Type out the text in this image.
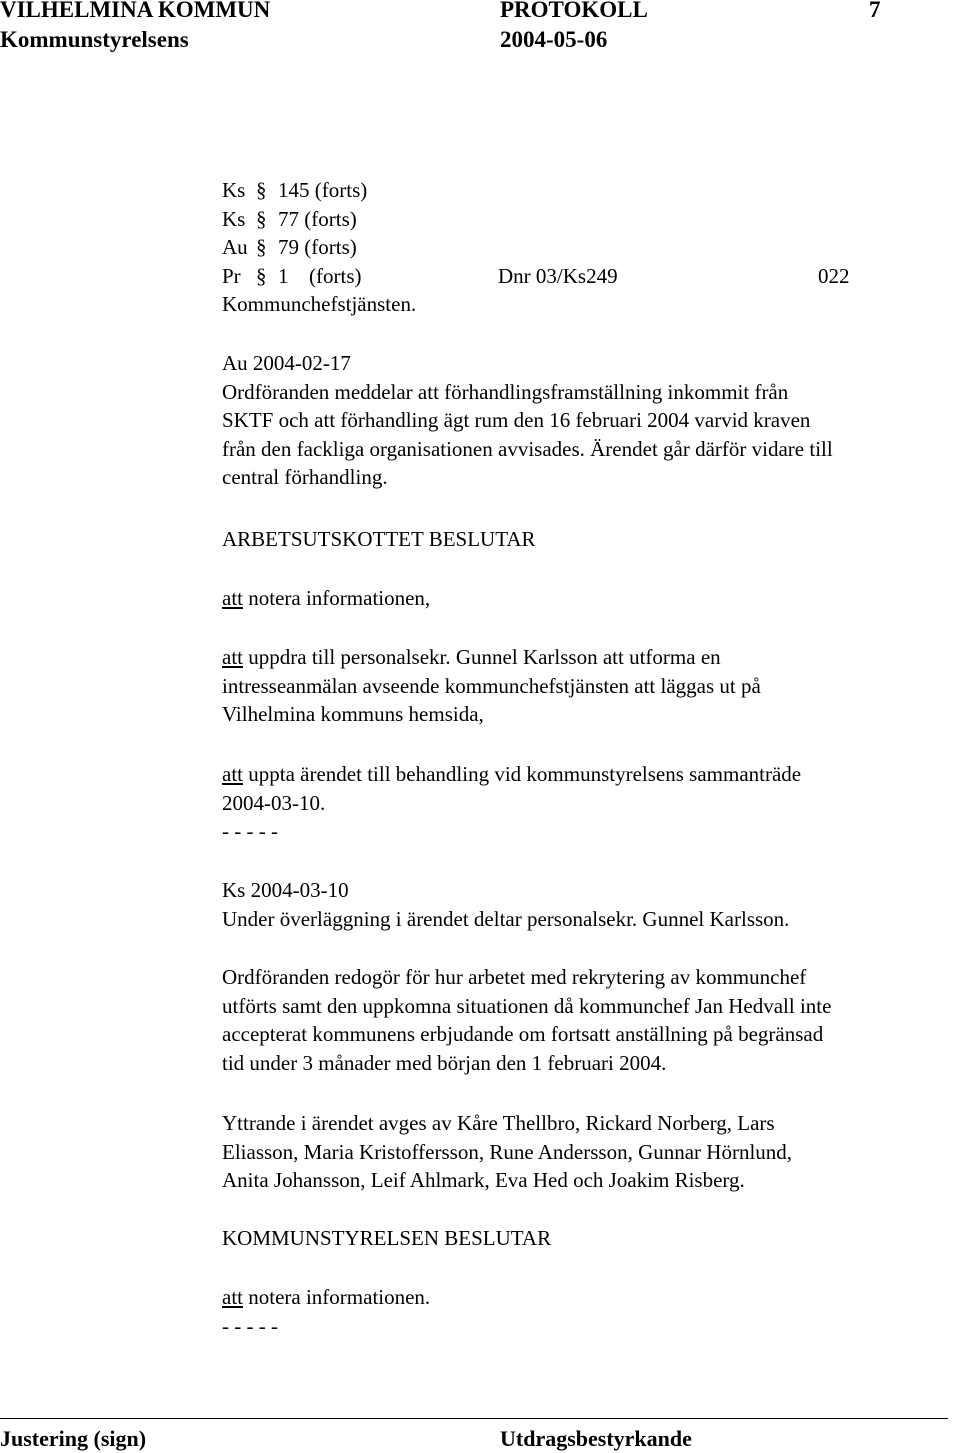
VILHELMINA KOMMUN	PROTOKOLL	7
Kommunstyrelsens	2004-05-06
Ks § 145 (forts)
Ks § 77 (forts)
Au § 79 (forts)
Pr § 1 (forts)	Dnr 03/Ks249	022
Kommunchefstjänsten.
Au 2004-02-17
Ordföranden meddelar att förhandlingsframställning inkommit från
SKTF och att förhandling ägt rum den 16 februari 2004 varvid kraven
från den fackliga organisationen avvisades. Ärendet går därför vidare till
central förhandling.
ARBETSUTSKOTTET BESLUTAR
att notera informationen,
att uppdra till personalsekr. Gunnel Karlsson att utforma en
intresseanmälan avseende kommunchefstjänsten att läggas ut på
Vilhelmina kommuns hemsida,
att uppta ärendet till behandling vid kommunstyrelsens sammanträde
2004-03-10.
- - - - -
Ks 2004-03-10
Under överläggning i ärendet deltar personalsekr. Gunnel Karlsson.
Ordföranden redogör för hur arbetet med rekrytering av kommunchef
utförts samt den uppkomna situationen då kommunchef Jan Hedvall inte
accepterat kommunens erbjudande om fortsatt anställning på begränsad
tid under 3 månader med början den 1 februari 2004.
Yttrande i ärendet avges av Kåre Thellbro, Rickard Norberg, Lars
Eliasson, Maria Kristoffersson, Rune Andersson, Gunnar Hörnlund,
Anita Johansson, Leif Ahlmark, Eva Hed och Joakim Risberg.
KOMMUNSTYRELSEN BESLUTAR
att notera informationen.
- - - - -
Justering (sign)	Utdragsbestyrkande
